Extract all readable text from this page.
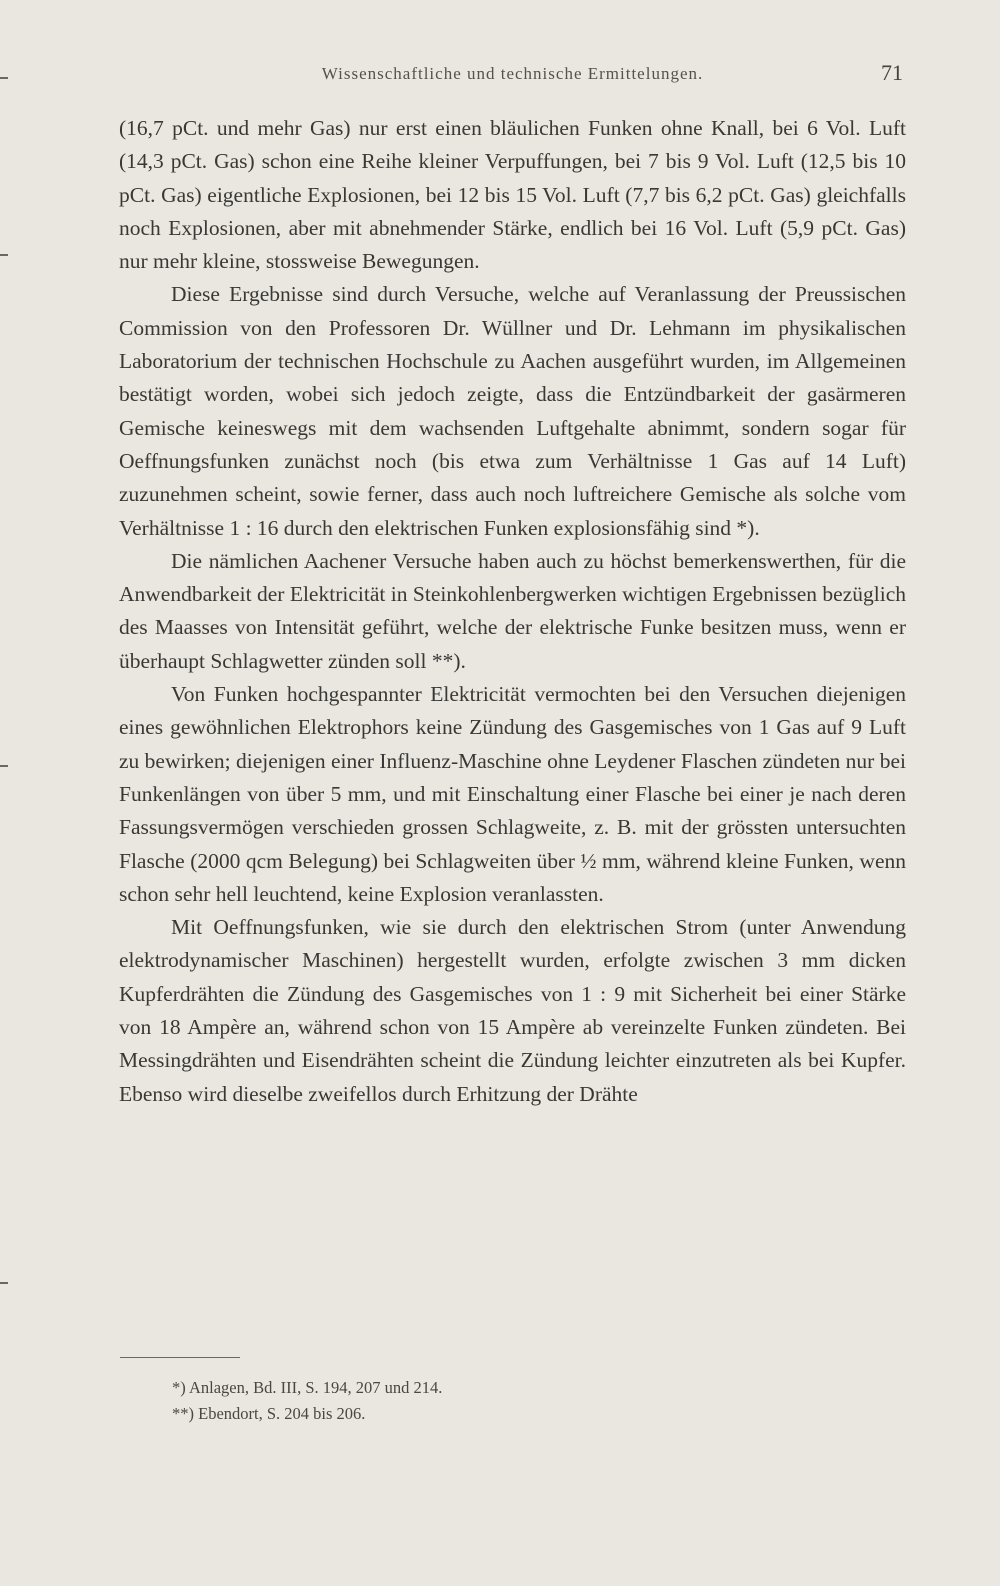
Wissenschaftliche und technische Ermittelungen.	71

(16,7 pCt. und mehr Gas) nur erst einen bläulichen Funken ohne Knall, bei 6 Vol. Luft (14,3 pCt. Gas) schon eine Reihe kleiner Verpuffungen, bei 7 bis 9 Vol. Luft (12,5 bis 10 pCt. Gas) eigentliche Explosionen, bei 12 bis 15 Vol. Luft (7,7 bis 6,2 pCt. Gas) gleichfalls noch Explosionen, aber mit abnehmender Stärke, endlich bei 16 Vol. Luft (5,9 pCt. Gas) nur mehr kleine, stossweise Bewegungen.

Diese Ergebnisse sind durch Versuche, welche auf Veranlassung der Preussischen Commission von den Professoren Dr. Wüllner und Dr. Lehmann im physikalischen Laboratorium der technischen Hochschule zu Aachen ausgeführt wurden, im Allgemeinen bestätigt worden, wobei sich jedoch zeigte, dass die Entzündbarkeit der gasärmeren Gemische keineswegs mit dem wachsenden Luftgehalte abnimmt, sondern sogar für Oeffnungsfunken zunächst noch (bis etwa zum Verhältnisse 1 Gas auf 14 Luft) zuzunehmen scheint, sowie ferner, dass auch noch luftreichere Gemische als solche vom Verhältnisse 1 : 16 durch den elektrischen Funken explosionsfähig sind *).

Die nämlichen Aachener Versuche haben auch zu höchst bemerkenswerthen, für die Anwendbarkeit der Elektricität in Steinkohlenbergwerken wichtigen Ergebnissen bezüglich des Maasses von Intensität geführt, welche der elektrische Funke besitzen muss, wenn er überhaupt Schlagwetter zünden soll **).

Von Funken hochgespannter Elektricität vermochten bei den Versuchen diejenigen eines gewöhnlichen Elektrophors keine Zündung des Gasgemisches von 1 Gas auf 9 Luft zu bewirken; diejenigen einer Influenz-Maschine ohne Leydener Flaschen zündeten nur bei Funkenlängen von über 5 mm, und mit Einschaltung einer Flasche bei einer je nach deren Fassungsvermögen verschieden grossen Schlagweite, z. B. mit der grössten untersuchten Flasche (2000 qcm Belegung) bei Schlagweiten über ½ mm, während kleine Funken, wenn schon sehr hell leuchtend, keine Explosion veranlassten.

Mit Oeffnungsfunken, wie sie durch den elektrischen Strom (unter Anwendung elektrodynamischer Maschinen) hergestellt wurden, erfolgte zwischen 3 mm dicken Kupferdrähten die Zündung des Gasgemisches von 1 : 9 mit Sicherheit bei einer Stärke von 18 Ampère an, während schon von 15 Ampère ab vereinzelte Funken zündeten. Bei Messingdrähten und Eisendrähten scheint die Zündung leichter einzutreten als bei Kupfer. Ebenso wird dieselbe zweifellos durch Erhitzung der Drähte

*) Anlagen, Bd. III, S. 194, 207 und 214.
**) Ebendort, S. 204 bis 206.
